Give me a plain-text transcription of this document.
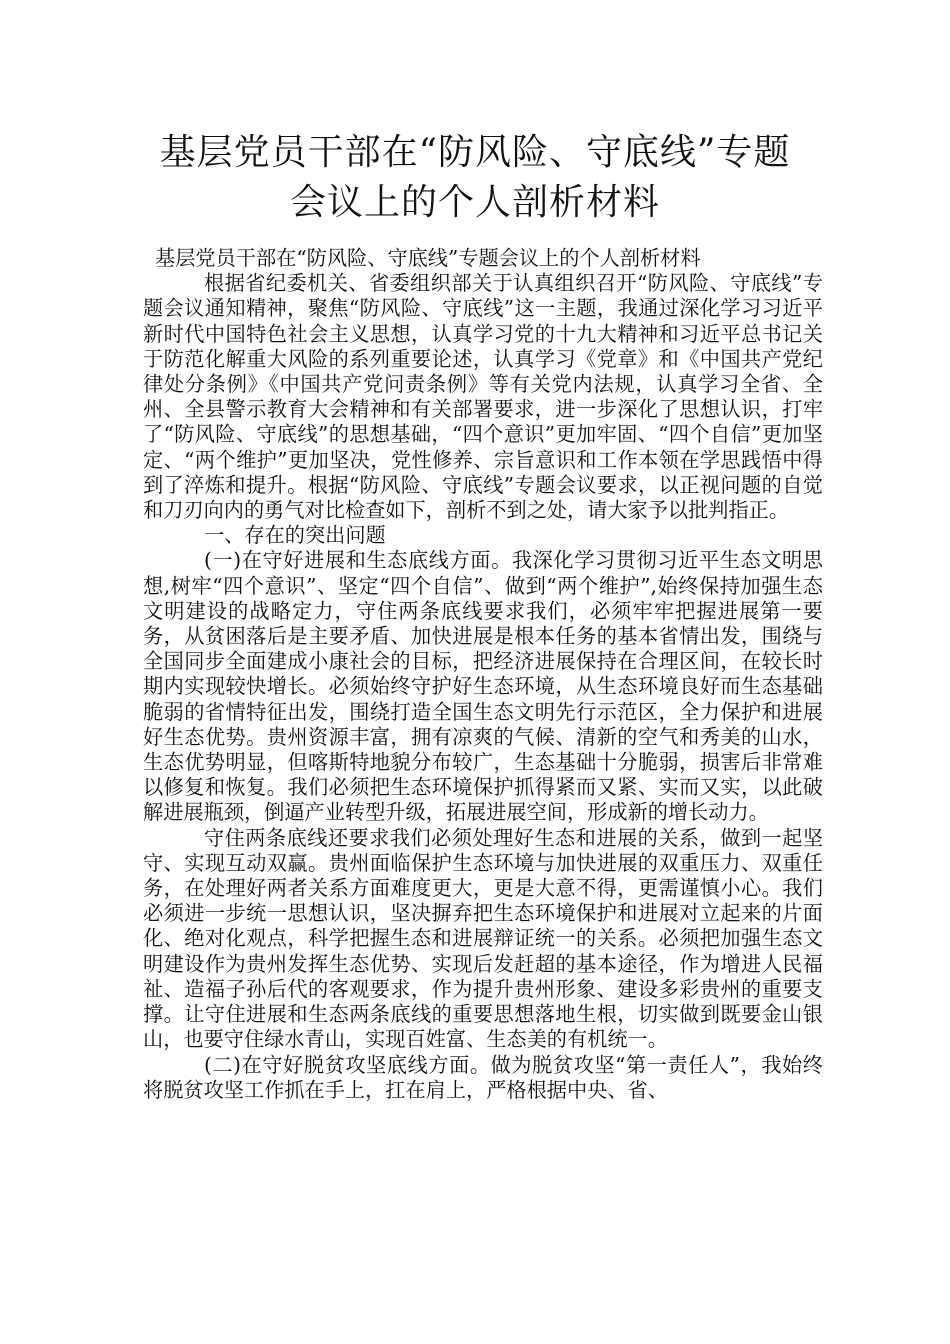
基层党员干部在“防风险、守底线”专题
会议上的个人剖析材料

基层党员干部在“防风险、守底线”专题会议上的个人剖析材料

根据省纪委机关、省委组织部关于认真组织召开“防风险、守底线”专题会议通知精神，聚焦“防风险、守底线”这一主题，我通过深化学习习近平新时代中国特色社会主义思想，认真学习党的十九大精神和习近平总书记关于防范化解重大风险的系列重要论述，认真学习《党章》和《中国共产党纪律处分条例》《中国共产党问责条例》等有关党内法规，认真学习全省、全州、全县警示教育大会精神和有关部署要求，进一步深化了思想认识，打牢了“防风险、守底线”的思想基础，“四个意识”更加牢固、“四个自信”更加坚定、“两个维护”更加坚决，党性修养、宗旨意识和工作本领在学思践悟中得到了淬炼和提升。根据“防风险、守底线”专题会议要求，以正视问题的自觉和刀刃向内的勇气对比检查如下，剖析不到之处，请大家予以批判指正。

一、存在的突出问题

(一)在守好进展和生态底线方面。我深化学习贯彻习近平生态文明思想,树牢“四个意识”、坚定“四个自信”、做到“两个维护”,始终保持加强生态文明建设的战略定力，守住两条底线要求我们，必须牢牢把握进展第一要务，从贫困落后是主要矛盾、加快进展是根本任务的基本省情出发，围绕与全国同步全面建成小康社会的目标，把经济进展保持在合理区间，在较长时期内实现较快增长。必须始终守护好生态环境，从生态环境良好而生态基础脆弱的省情特征出发，围绕打造全国生态文明先行示范区，全力保护和进展好生态优势。贵州资源丰富，拥有凉爽的气候、清新的空气和秀美的山水，生态优势明显，但喀斯特地貌分布较广，生态基础十分脆弱，损害后非常难以修复和恢复。我们必须把生态环境保护抓得紧而又紧、实而又实，以此破解进展瓶颈，倒逼产业转型升级，拓展进展空间，形成新的增长动力。

守住两条底线还要求我们必须处理好生态和进展的关系，做到一起坚守、实现互动双赢。贵州面临保护生态环境与加快进展的双重压力、双重任务，在处理好两者关系方面难度更大，更是大意不得，更需谨慎小心。我们必须进一步统一思想认识，坚决摒弃把生态环境保护和进展对立起来的片面化、绝对化观点，科学把握生态和进展辩证统一的关系。必须把加强生态文明建设作为贵州发挥生态优势、实现后发赶超的基本途径，作为增进人民福祉、造福子孙后代的客观要求，作为提升贵州形象、建设多彩贵州的重要支撑。让守住进展和生态两条底线的重要思想落地生根，切实做到既要金山银山，也要守住绿水青山，实现百姓富、生态美的有机统一。

(二)在守好脱贫攻坚底线方面。做为脱贫攻坚“第一责任人”，我始终将脱贫攻坚工作抓在手上，扛在肩上，严格根据中央、省、
